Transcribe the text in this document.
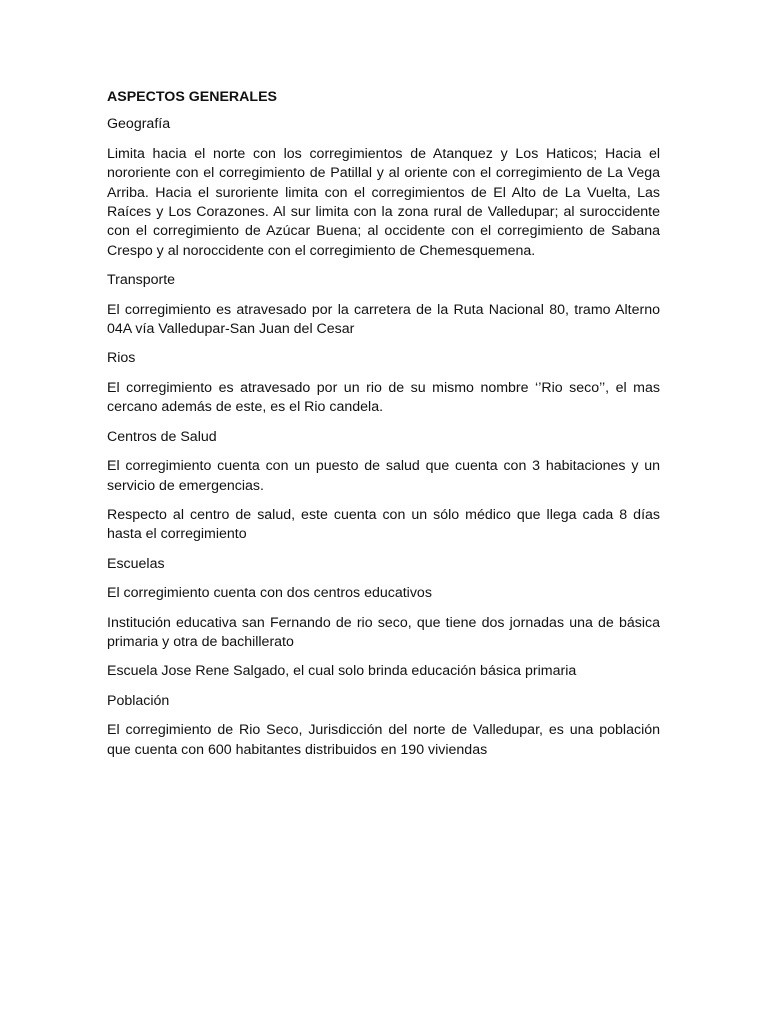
ASPECTOS GENERALES
Geografía
Limita hacia el norte con los corregimientos de Atanquez y Los Haticos; Hacia el nororiente con el corregimiento de Patillal y al oriente con el corregimiento de La Vega Arriba. Hacia el suroriente limita con el corregimientos de El Alto de La Vuelta, Las Raíces y Los Corazones. Al sur limita con la zona rural de Valledupar; al suroccidente con el corregimiento de Azúcar Buena; al occidente con el corregimiento de Sabana Crespo y al noroccidente con el corregimiento de Chemesquemena.
Transporte
El corregimiento es atravesado por la carretera de la Ruta Nacional 80, tramo Alterno 04A vía Valledupar-San Juan del Cesar
Rios
El corregimiento es atravesado por un rio de su mismo nombre ‘’Rio seco’’, el mas cercano además de este, es el Rio candela.
Centros de Salud
El corregimiento cuenta con un puesto de salud que cuenta con 3 habitaciones y un servicio de emergencias.
Respecto al centro de salud, este cuenta con un sólo médico que llega cada 8 días hasta el corregimiento
Escuelas
El corregimiento cuenta con dos centros educativos
Institución educativa san Fernando de rio seco, que tiene dos jornadas una de básica primaria y otra de bachillerato
Escuela Jose Rene Salgado, el cual solo brinda educación básica primaria
Población
El corregimiento de Rio Seco, Jurisdicción del norte de Valledupar, es una población que cuenta con 600 habitantes distribuidos en 190 viviendas
